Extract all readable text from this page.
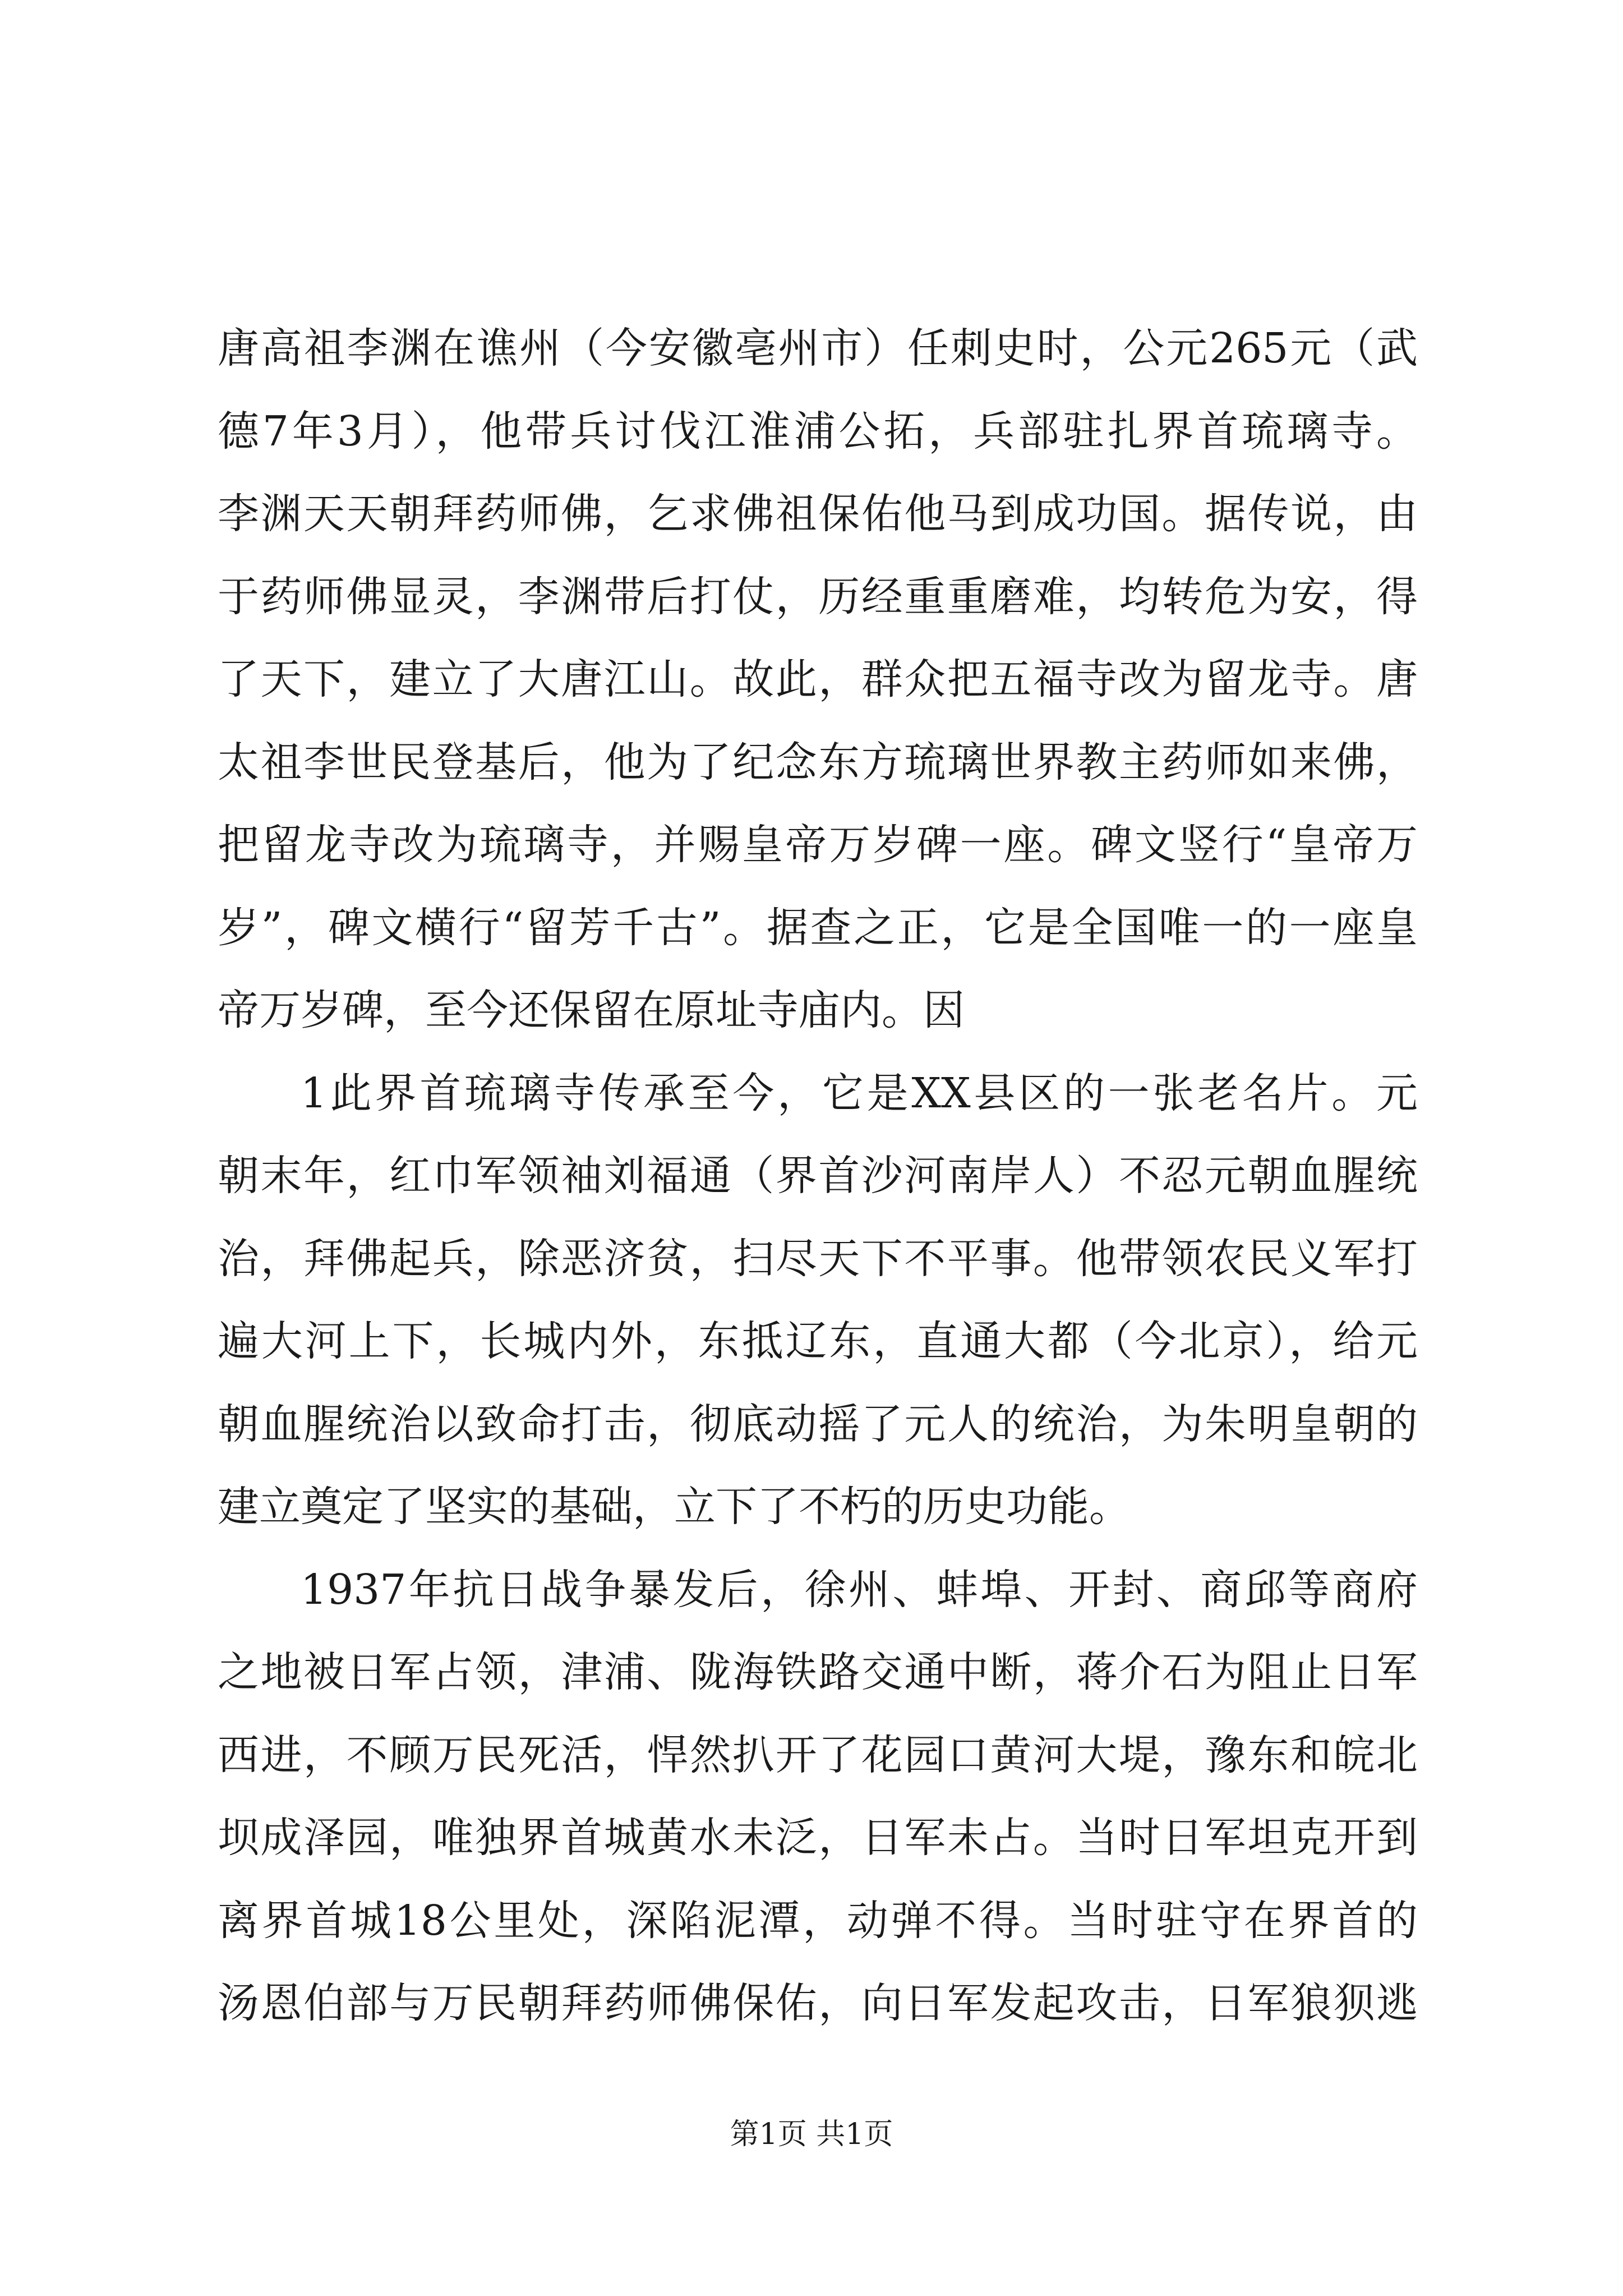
唐高祖李渊在谯州（今安徽亳州市）任刺史时，公元265元（武
德7年3月），他带兵讨伐江淮浦公拓，兵部驻扎界首琉璃寺。
李渊天天朝拜药师佛，乞求佛祖保佑他马到成功国。据传说，由
于药师佛显灵，李渊带后打仗，历经重重磨难，均转危为安，得
了天下，建立了大唐江山。故此，群众把五福寺改为留龙寺。唐
太祖李世民登基后，他为了纪念东方琉璃世界教主药师如来佛，
把留龙寺改为琉璃寺，并赐皇帝万岁碑一座。碑文竖行“皇帝万
岁”，碑文横行“留芳千古”。据查之正，它是全国唯一的一座皇
帝万岁碑，至今还保留在原址寺庙内。因
1此界首琉璃寺传承至今，它是XX县区的一张老名片。元
朝末年，红巾军领袖刘福通（界首沙河南岸人）不忍元朝血腥统
治，拜佛起兵，除恶济贫，扫尽天下不平事。他带领农民义军打
遍大河上下，长城内外，东抵辽东，直通大都（今北京），给元
朝血腥统治以致命打击，彻底动摇了元人的统治，为朱明皇朝的
建立奠定了坚实的基础，立下了不朽的历史功能。
1937年抗日战争暴发后，徐州、蚌埠、开封、商邱等商府
之地被日军占领，津浦、陇海铁路交通中断，蒋介石为阻止日军
西进，不顾万民死活，悍然扒开了花园口黄河大堤，豫东和皖北
坝成泽园，唯独界首城黄水未泛，日军未占。当时日军坦克开到
离界首城18公里处，深陷泥潭，动弹不得。当时驻守在界首的
汤恩伯部与万民朝拜药师佛保佑，向日军发起攻击，日军狼狈逃
第1页 共1页
